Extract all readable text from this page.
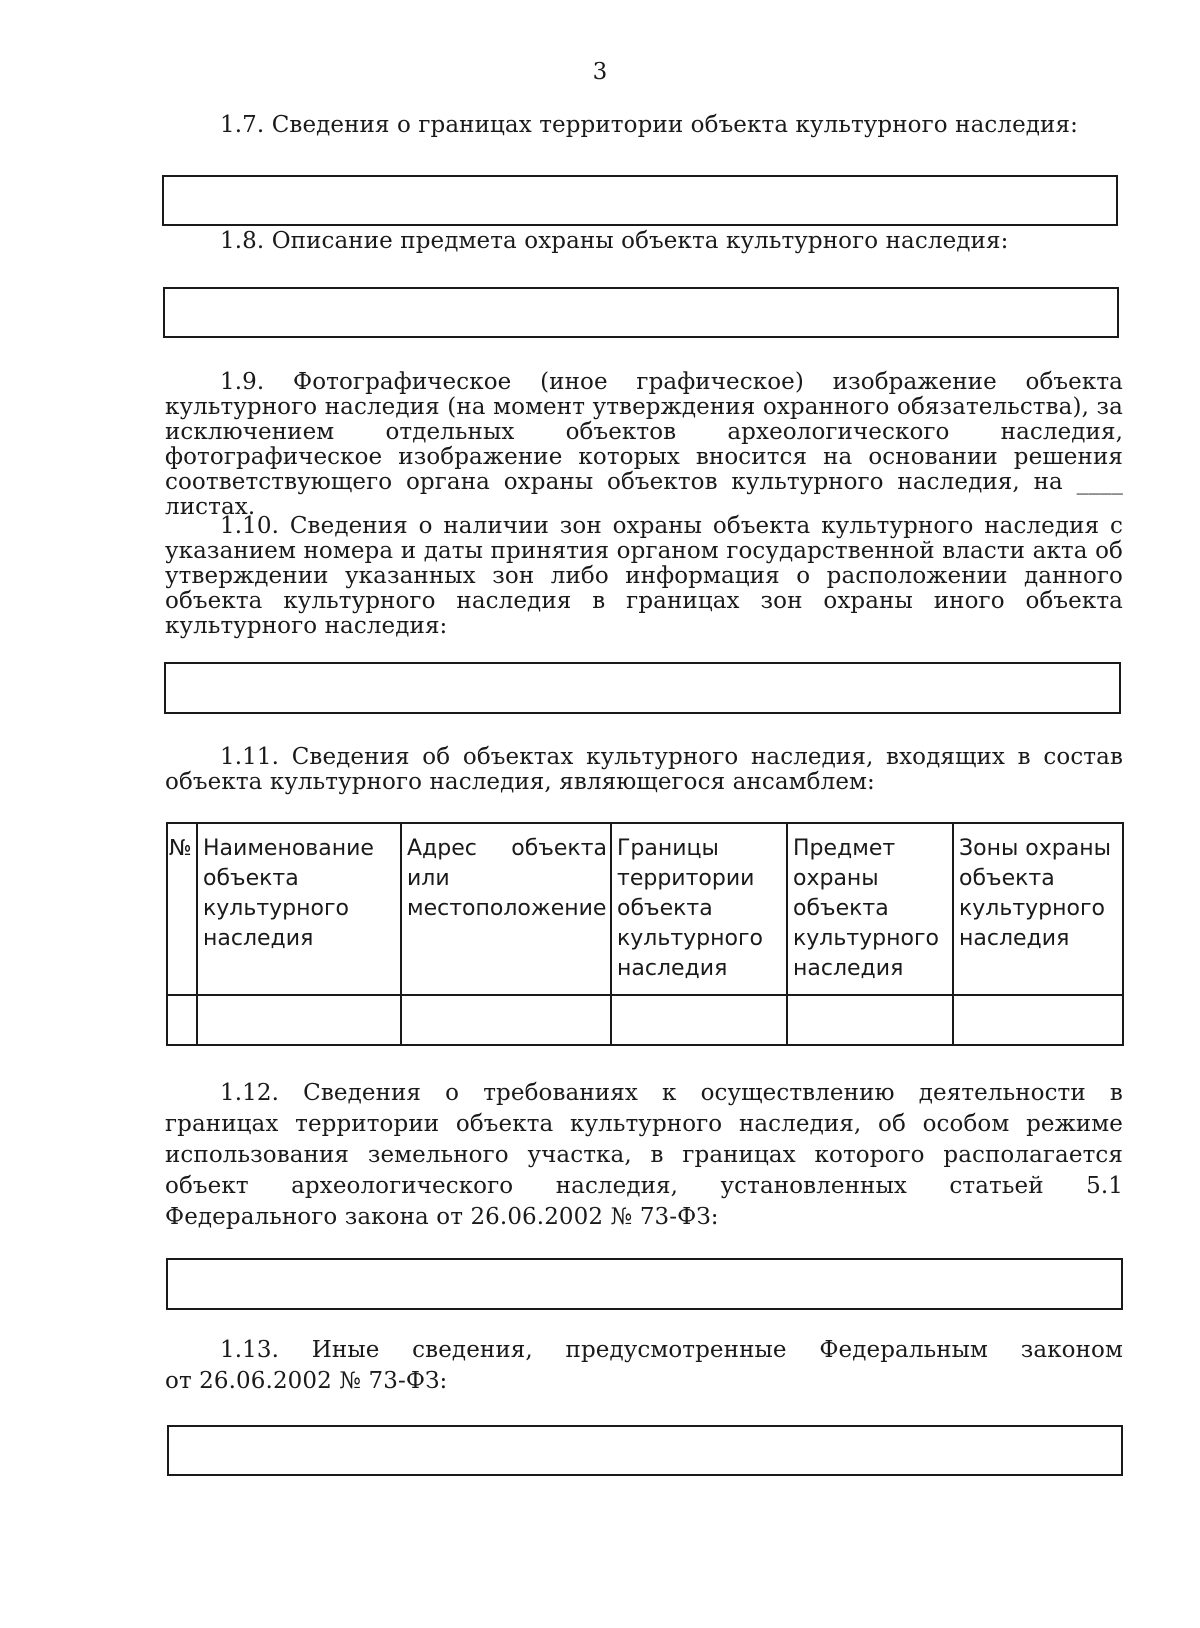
3
1.7. Сведения о границах территории объекта культурного наследия:
1.8. Описание предмета охраны объекта культурного наследия:
1.9. Фотографическое (иное графическое) изображение объекта культурного наследия (на момент утверждения охранного обязательства), за исключением отдельных объектов археологического наследия, фотографическое изображение которых вносится на основании решения соответствующего органа охраны объектов культурного наследия, на ____ листах.
1.10. Сведения о наличии зон охраны объекта культурного наследия с указанием номера и даты принятия органом государственной власти акта об утверждении указанных зон либо информация о расположении данного объекта культурного наследия в границах зон охраны иного объекта культурного наследия:
1.11. Сведения об объектах культурного наследия, входящих в состав объекта культурного наследия, являющегося ансамблем:
№	Наименование объекта культурного наследия	Адрес объекта или местоположение	Границы территории объекта культурного наследия	Предмет охраны объекта культурного наследия	Зоны охраны объекта культурного наследия

1.12. Сведения о требованиях к осуществлению деятельности в границах территории объекта культурного наследия, об особом режиме использования земельного участка, в границах которого располагается объект археологического наследия, установленных статьей 5.1 Федерального закона от 26.06.2002 № 73-ФЗ:
1.13. Иные сведения, предусмотренные Федеральным законом
от 26.06.2002 № 73-ФЗ:
